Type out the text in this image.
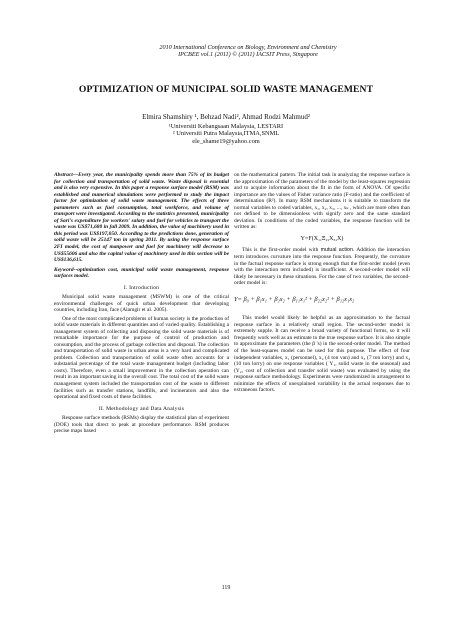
2010 International Conference on Biology, Environment and Chemistry
IPCBEE vol.1 (2011) © (2011) IACSIT Press, Singapore
OPTIMIZATION OF MUNICIPAL SOLID WASTE MANAGEMENT
Elmira Shamshiry ¹, Behzad Nadi², Ahmad Rodzi Mahmud²
¹Universiti Kebangsaan Malaysia, LESTARI
² Universiti Putra Malaysia,ITMA,SNML
ele_shame19@yahoo.com

Abstract—Every year, the municipality spends more than 75% of its budget for collection and transportation of solid waste. Waste disposal is essential and is also very expensive. In this paper a response surface model (RSM) was established and numerical simulations were performed to study the impact factor for optimization of solid waste management. The effects of three parameters such as fuel consumption, total workforce, and volume of transport were investigated. According to the statistics presented, municipality of Sari's expenditure for workers' salary and fuel for vehicles to transport the waste was US$71,680 in fall 2009. In addition, the value of machinery used in this period was US$197,050. According to the predictions done, generation of solid waste will be 25147 ton in spring 2011. By using the response surface 2FI model, the cost of manpower and fuel for machinery will decrease to US$55606 and also the capital value of machinery used in this section will be US$136,615.

Keyword--optimization cost, municipal solid waste management, response surfaces model.

I. Introduction

Municipal solid waste management (MSWM) is one of the critical environmental challenges of quick urban development that developing countries, including Iran, face (Alamgir et al. 2005).

One of the most complicated problems of human society is the production of solid waste materials in different quantities and of varied quality. Establishing a management system of collecting and disposing the solid waste materials is of remarkable importance for the purpose of control of production and consumption, and the process of garbage collection and disposal. The collection and transportation of solid waste in urban areas is a very hard and complicated problem. Collection and transportation of solid waste often accounts for a substantial percentage of the total waste management budget (including labor costs). Therefore, even a small improvement in the collection operation can result in an important saving in the overall cost. The total cost of the solid waste management system included the transportation cost of the waste to different facilities such as transfer stations, landfills, and incinerators and also the operational and fixed costs of these facilities.

II. Methodology and Data Analysis

Response surface methods (RSMs) display the statistical plan of experiment (DOE) tools that direct to peak at procedure performance. RSM produces precise maps based

on the mathematical pattern. The initial task in analyzing the response surface is the approximation of the parameters of the model by the least-squares regression and to acquire information about the fit in the form of ANOVA. Of specific importance are the values of Fisher variance ratio (F-ratio) and the coefficient of determination (R²). In many RSM mechanisms it is suitable to transform the normal variables to coded variables, x₁, x₂, x₃, ..., xₖ , which are more often than not defined to be dimensionless with signify zero and the same standard deviation. In conditions of the coded variables, the response function will be written as:

Y=F(X₁,Ξ₂,X₃,X)

This is the first-order model with mutual action. Addition the interaction term introduces curvature into the response function. Frequently, the curvature in the factual response surface is strong enough that the first-order model (even with the interaction term included) is insufficient. A second-order model will likely be necessary in these situations. For the case of two variables, the second-order model is:

Y= β₀ + β₁x₁ + β₂x₂ + β₁₁x₁² + β₂₂x₂² + β₁₂x₁x₂

This model would likely be helpful as an approximation to the factual response surface in a relatively small region. The second-order model is extremely supple. It can receive a broad variety of functional forms, so it will frequently work well as an estimate to the true response surface. It is also simple to approximate the parameters (the β 's) in the second-order model. The method of the least-squares model can be used for this purpose. The effect of four independent variables, x₁ (personnel), x₂ (4 ton van) and x₃ (7 ton lorry) and x₄ (10 ton lorry) on one response variables ( Y₁, solid waste in the seasonal) and (Y₂, cost of collection and transfer solid waste) was evaluated by using the response surface methodology. Experiments were randomized in arrangement to minimize the effects of unexplained variability in the actual responses due to extraneous factors.

119
